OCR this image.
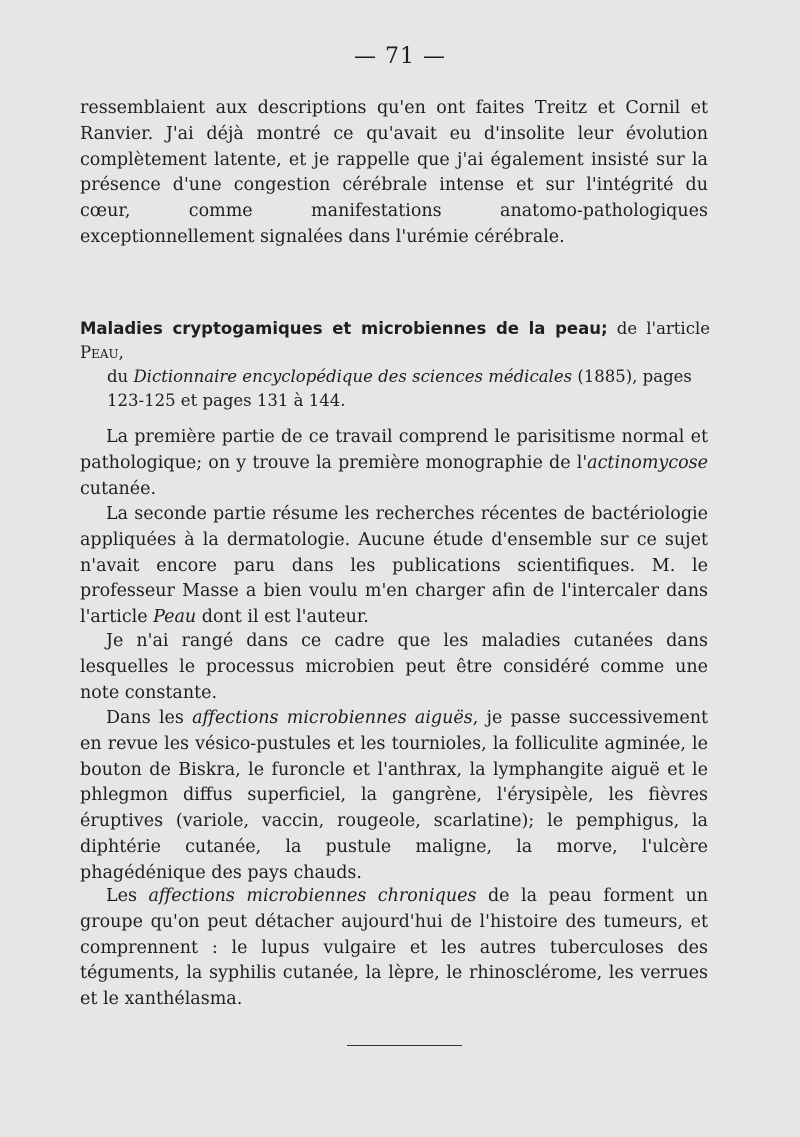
— 71 —

ressemblaient aux descriptions qu'en ont faites Treitz et Cornil et Ranvier. J'ai déjà montré ce qu'avait eu d'insolite leur évolution complètement latente, et je rappelle que j'ai également insisté sur la présence d'une congestion cérébrale intense et sur l'intégrité du cœur, comme manifestations anatomo-pathologiques exceptionnellement signalées dans l'urémie cérébrale.

Maladies cryptogamiques et microbiennes de la peau; de l'article Peau,
du Dictionnaire encyclopédique des sciences médicales (1885), pages
123-125 et pages 131 à 144.

La première partie de ce travail comprend le parisitisme normal et pathologique; on y trouve la première monographie de l'actinomycose cutanée.

La seconde partie résume les recherches récentes de bactériologie appliquées à la dermatologie. Aucune étude d'ensemble sur ce sujet n'avait encore paru dans les publications scientifiques. M. le professeur Masse a bien voulu m'en charger afin de l'intercaler dans l'article Peau dont il est l'auteur.

Je n'ai rangé dans ce cadre que les maladies cutanées dans lesquelles le processus microbien peut être considéré comme une note constante.

Dans les affections microbiennes aiguës, je passe successivement en revue les vésico-pustules et les tournioles, la folliculite agminée, le bouton de Biskra, le furoncle et l'anthrax, la lymphangite aiguë et le phlegmon diffus superficiel, la gangrène, l'érysipèle, les fièvres éruptives (variole, vaccin, rougeole, scarlatine); le pemphigus, la diphtérie cutanée, la pustule maligne, la morve, l'ulcère phagédénique des pays chauds.

Les affections microbiennes chroniques de la peau forment un groupe qu'on peut détacher aujourd'hui de l'histoire des tumeurs, et comprennent : le lupus vulgaire et les autres tuberculoses des téguments, la syphilis cutanée, la lèpre, le rhinosclérome, les verrues et le xanthélasma.
